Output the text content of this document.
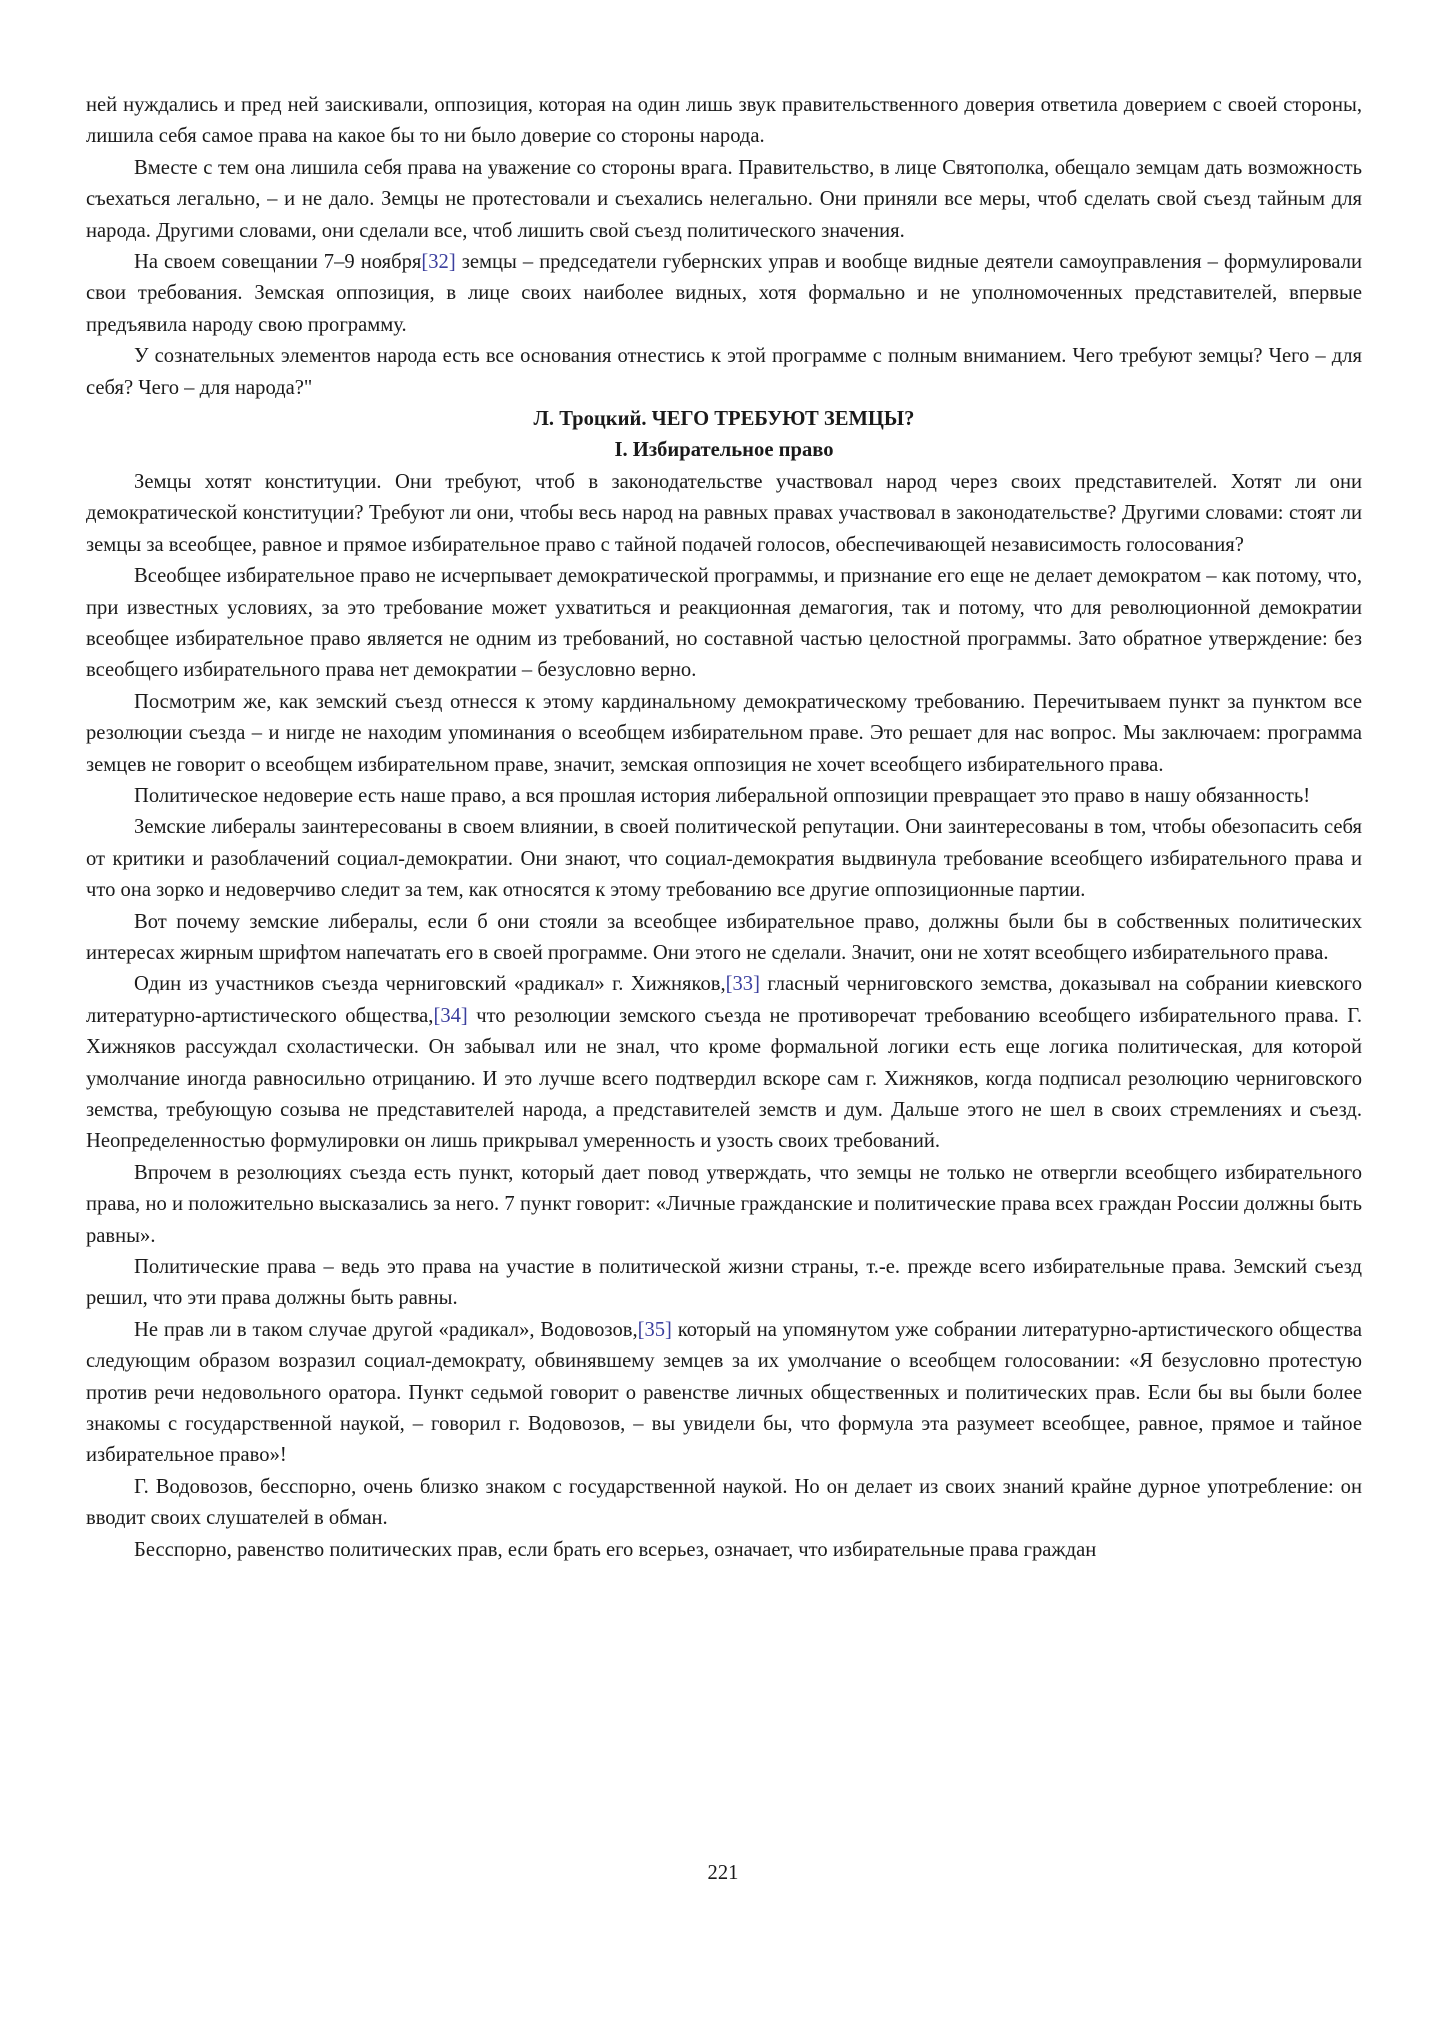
ней нуждались и пред ней заискивали, оппозиция, которая на один лишь звук правительственного доверия ответила доверием с своей стороны, лишила себя самое права на какое бы то ни было доверие со стороны народа.

Вместе с тем она лишила себя права на уважение со стороны врага. Правительство, в лице Святополка, обещало земцам дать возможность съехаться легально, – и не дало. Земцы не протестовали и съехались нелегально. Они приняли все меры, чтоб сделать свой съезд тайным для народа. Другими словами, они сделали все, чтоб лишить свой съезд политического значения.

На своем совещании 7–9 ноября[32] земцы – председатели губернских управ и вообще видные деятели самоуправления – формулировали свои требования. Земская оппозиция, в лице своих наиболее видных, хотя формально и не уполномоченных представителей, впервые предъявила народу свою программу.

У сознательных элементов народа есть все основания отнестись к этой программе с полным вниманием. Чего требуют земцы? Чего – для себя? Чего – для народа?"

Л. Троцкий. ЧЕГО ТРЕБУЮТ ЗЕМЦЫ?
I. Избирательное право

Земцы хотят конституции. Они требуют, чтоб в законодательстве участвовал народ через своих представителей. Хотят ли они демократической конституции? Требуют ли они, чтобы весь народ на равных правах участвовал в законодательстве? Другими словами: стоят ли земцы за всеобщее, равное и прямое избирательное право с тайной подачей голосов, обеспечивающей независимость голосования?

Всеобщее избирательное право не исчерпывает демократической программы, и признание его еще не делает демократом – как потому, что, при известных условиях, за это требование может ухватиться и реакционная демагогия, так и потому, что для революционной демократии всеобщее избирательное право является не одним из требований, но составной частью целостной программы. Зато обратное утверждение: без всеобщего избирательного права нет демократии – безусловно верно.

Посмотрим же, как земский съезд отнесся к этому кардинальному демократическому требованию. Перечитываем пункт за пунктом все резолюции съезда – и нигде не находим упоминания о всеобщем избирательном праве. Это решает для нас вопрос. Мы заключаем: программа земцев не говорит о всеобщем избирательном праве, значит, земская оппозиция не хочет всеобщего избирательного права.

Политическое недоверие есть наше право, а вся прошлая история либеральной оппозиции превращает это право в нашу обязанность!

Земские либералы заинтересованы в своем влиянии, в своей политической репутации. Они заинтересованы в том, чтобы обезопасить себя от критики и разоблачений социал-демократии. Они знают, что социал-демократия выдвинула требование всеобщего избирательного права и что она зорко и недоверчиво следит за тем, как относятся к этому требованию все другие оппозиционные партии.

Вот почему земские либералы, если б они стояли за всеобщее избирательное право, должны были бы в собственных политических интересах жирным шрифтом напечатать его в своей программе. Они этого не сделали. Значит, они не хотят всеобщего избирательного права.

Один из участников съезда черниговский «радикал» г. Хижняков,[33] гласный черниговского земства, доказывал на собрании киевского литературно-артистического общества,[34] что резолюции земского съезда не противоречат требованию всеобщего избирательного права. Г. Хижняков рассуждал схоластически. Он забывал или не знал, что кроме формальной логики есть еще логика политическая, для которой умолчание иногда равносильно отрицанию. И это лучше всего подтвердил вскоре сам г. Хижняков, когда подписал резолюцию черниговского земства, требующую созыва не представителей народа, а представителей земств и дум. Дальше этого не шел в своих стремлениях и съезд. Неопределенностью формулировки он лишь прикрывал умеренность и узость своих требований.

Впрочем в резолюциях съезда есть пункт, который дает повод утверждать, что земцы не только не отвергли всеобщего избирательного права, но и положительно высказались за него. 7 пункт говорит: «Личные гражданские и политические права всех граждан России должны быть равны».

Политические права – ведь это права на участие в политической жизни страны, т.-е. прежде всего избирательные права. Земский съезд решил, что эти права должны быть равны.

Не прав ли в таком случае другой «радикал», Водовозов,[35] который на упомянутом уже собрании литературно-артистического общества следующим образом возразил социал-демократу, обвинявшему земцев за их умолчание о всеобщем голосовании: «Я безусловно протестую против речи недовольного оратора. Пункт седьмой говорит о равенстве личных общественных и политических прав. Если бы вы были более знакомы с государственной наукой, – говорил г. Водовозов, – вы увидели бы, что формула эта разумеет всеобщее, равное, прямое и тайное избирательное право»!

Г. Водовозов, бесспорно, очень близко знаком с государственной наукой. Но он делает из своих знаний крайне дурное употребление: он вводит своих слушателей в обман.

Бесспорно, равенство политических прав, если брать его всерьез, означает, что избирательные права граждан

221
